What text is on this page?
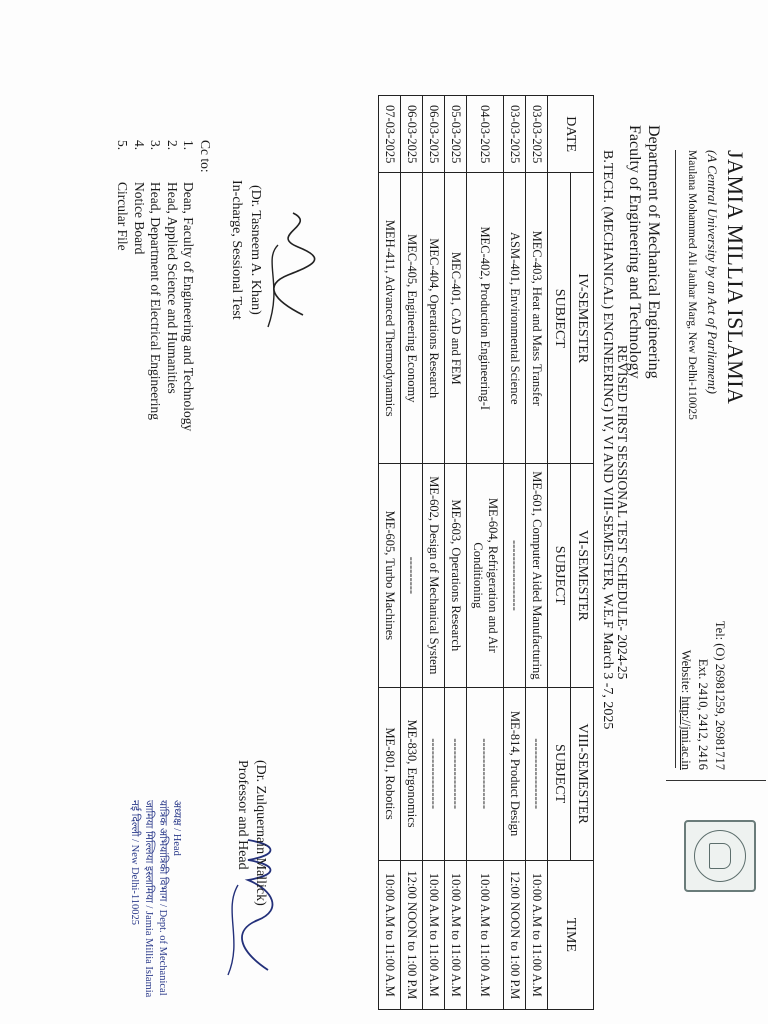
JAMIA MILLIA ISLAMIA
(A Central University by an Act of Parliament)
Maulana Mohammed Ali Jauhar Marg, New Delhi-110025
Tel: (O) 26981259, 26981717
Ext. 2410, 2412, 2416
Website: http://jmi.ac.in
Department of Mechanical Engineering
Faculty of Engineering and Technology
REVISED FIRST SESSIONAL TEST SCHEDULE- 2024-25
B.TECH. (MECHANICAL) ENGINEERING) IV, VI AND VIII-SEMESTER, W.E.F March 3 -7, 2025
DATE	IV-SEMESTER	VI-SEMESTER	VIII-SEMESTER	TIME
	SUBJECT	SUBJECT	SUBJECT	
03-03-2025	MEC-403, Heat and Mass Transfer	ME-601, Computer Aided Manufacturing	-----------------	10:00 A.M to 11:00 A.M
03-03-2025	ASM-401, Environmental Science	-----------------	ME-814, Product Design	12:00 NOON to 1:00 P.M
04-03-2025	MEC-402, Production Engineering-I	ME-604, Refrigeration and Air Conditioning	-----------------	10:00 A.M to 11:00 A.M
05-03-2025	MEC-401, CAD and FEM	ME-603, Operations Research	-----------------	10:00 A.M to 11:00 A.M
06-03-2025	MEC-404, Operations Research	ME-602, Design of Mechanical System	-----------------	10:00 A.M to 11:00 A.M
06-03-2025	MEC-405, Engineering Economy	---------	ME-830, Ergonomics	12:00 NOON to 1:00 P.M
07-03-2025	MEH-411, Advanced Thermodynamics	ME-605, Turbo Machines	ME-801, Robotics	10:00 A.M to 11:00 A.M
(Dr. Tasneem A. Khan)
In-charge, Sessional Test
(Dr. Zulquernain Mallick)
Professor and Head
अध्यक्ष / Head
यांत्रिक अभियांत्रिकी विभाग / Dept. of Mechanical
जामिया मिल्लिया इस्लामिया / Jamia Millia Islamia
नई दिल्ली / New Delhi-110025
Cc to:
1.
Dean, Faculty of Engineering and Technology
2.
Head, Applied Science and Humanities
3.
Head, Department of Electrical Engineering
4.
Notice Board
5.
Circular File
